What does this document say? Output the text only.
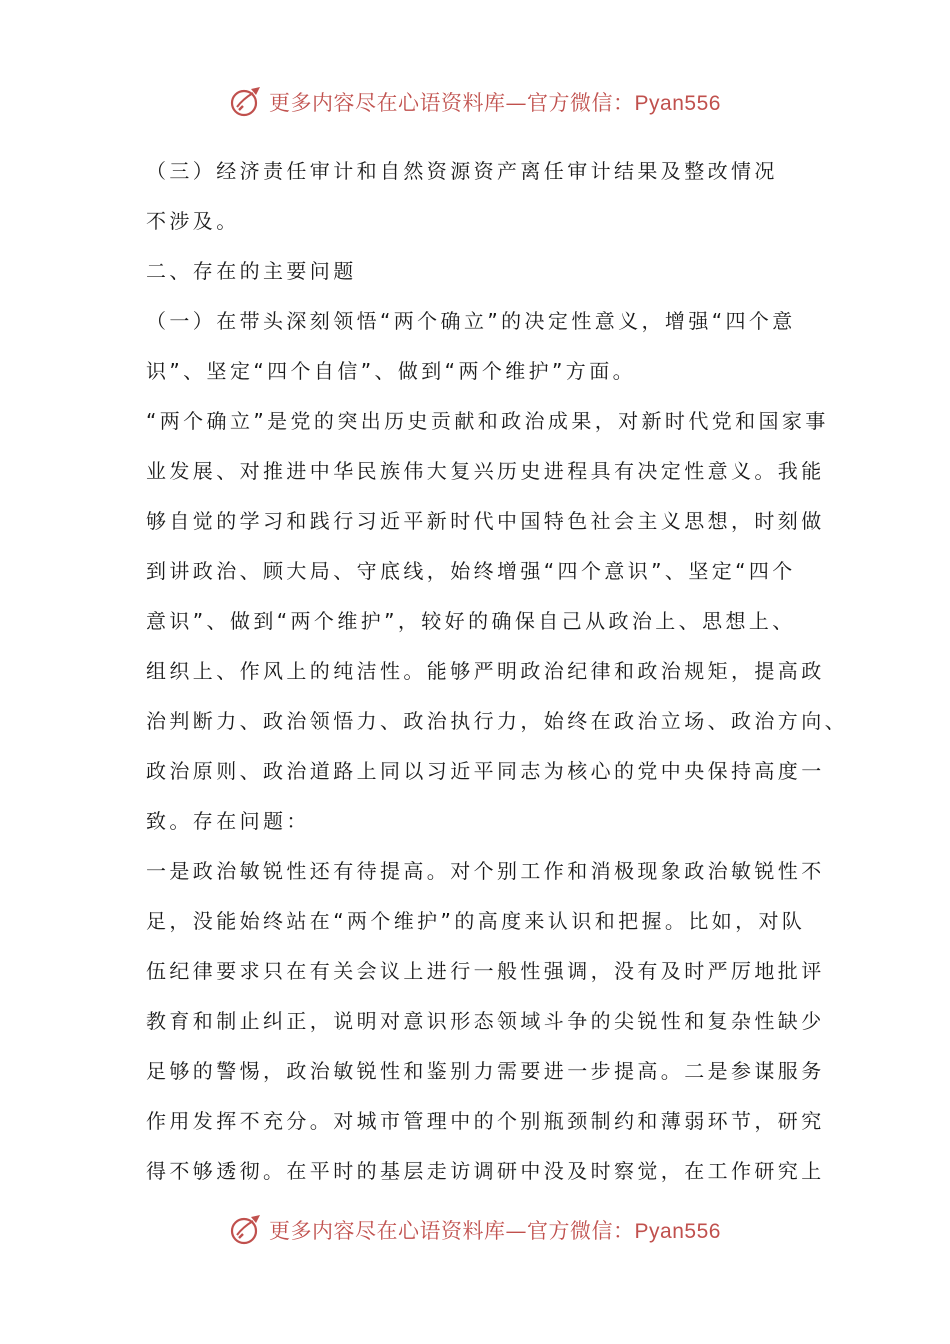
更多内容尽在心语资料库—官方微信：Pyan556
（三）经济责任审计和自然资源资产离任审计结果及整改情况
不涉及。
二、存在的主要问题
（一）在带头深刻领悟“两个确立”的决定性意义，增强“四个意
识”、坚定“四个自信”、做到“两个维护”方面。
“两个确立”是党的突出历史贡献和政治成果，对新时代党和国家事
业发展、对推进中华民族伟大复兴历史进程具有决定性意义。我能
够自觉的学习和践行习近平新时代中国特色社会主义思想，时刻做
到讲政治、顾大局、守底线，始终增强“四个意识”、坚定“四个
意识”、做到“两个维护”，较好的确保自己从政治上、思想上、
组织上、作风上的纯洁性。能够严明政治纪律和政治规矩，提高政
治判断力、政治领悟力、政治执行力，始终在政治立场、政治方向、
政治原则、政治道路上同以习近平同志为核心的党中央保持高度一
致。存在问题：
一是政治敏锐性还有待提高。对个别工作和消极现象政治敏锐性不
足，没能始终站在“两个维护”的高度来认识和把握。比如，对队
伍纪律要求只在有关会议上进行一般性强调，没有及时严厉地批评
教育和制止纠正，说明对意识形态领域斗争的尖锐性和复杂性缺少
足够的警惕，政治敏锐性和鉴别力需要进一步提高。二是参谋服务
作用发挥不充分。对城市管理中的个别瓶颈制约和薄弱环节，研究
得不够透彻。在平时的基层走访调研中没及时察觉，在工作研究上
更多内容尽在心语资料库—官方微信：Pyan556
